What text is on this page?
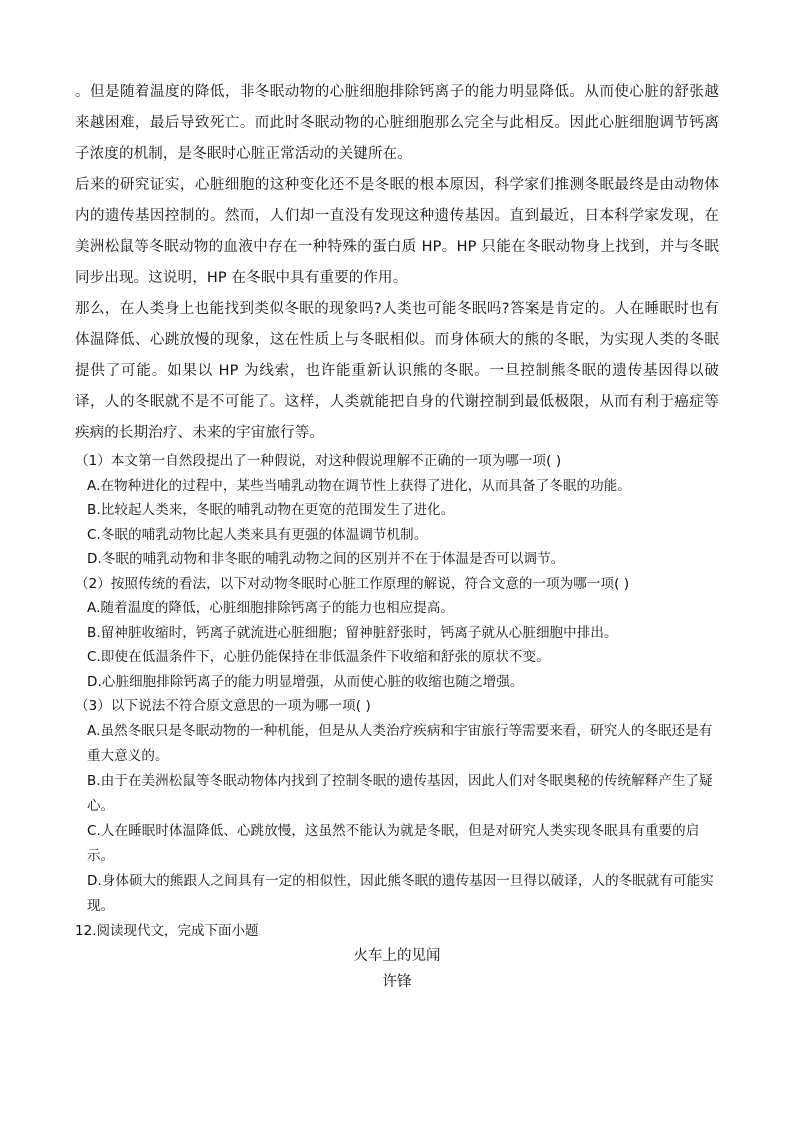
。但是随着温度的降低，非冬眠动物的心脏细胞排除钙离子的能力明显降低。从而使心脏的舒张越来越困难，最后导致死亡。而此时冬眠动物的心脏细胞那么完全与此相反。因此心脏细胞调节钙离子浓度的机制，是冬眠时心脏正常活动的关键所在。

后来的研究证实，心脏细胞的这种变化还不是冬眠的根本原因，科学家们推测冬眠最终是由动物体内的遗传基因控制的。然而，人们却一直没有发现这种遗传基因。直到最近，日本科学家发现，在美洲松鼠等冬眠动物的血液中存在一种特殊的蛋白质 HP。HP 只能在冬眠动物身上找到，并与冬眠同步出现。这说明，HP 在冬眠中具有重要的作用。

那么，在人类身上也能找到类似冬眠的现象吗?人类也可能冬眠吗?答案是肯定的。人在睡眠时也有体温降低、心跳放慢的现象，这在性质上与冬眠相似。而身体硕大的熊的冬眠，为实现人类的冬眠提供了可能。如果以 HP 为线索，也许能重新认识熊的冬眠。一旦控制熊冬眠的遗传基因得以破译，人的冬眠就不是不可能了。这样，人类就能把自身的代谢控制到最低极限，从而有利于癌症等疾病的长期治疗、未来的宇宙旅行等。

（1）本文第一自然段提出了一种假说，对这种假说理解不正确的一项为哪一项( )

A.在物种进化的过程中，某些当哺乳动物在调节性上获得了进化，从而具备了冬眠的功能。

B.比较起人类来，冬眠的哺乳动物在更宽的范围发生了进化。

C.冬眠的哺乳动物比起人类来具有更强的体温调节机制。

D.冬眠的哺乳动物和非冬眠的哺乳动物之间的区别并不在于体温是否可以调节。

（2）按照传统的看法，以下对动物冬眠时心脏工作原理的解说，符合文意的一项为哪一项( )

A.随着温度的降低，心脏细胞排除钙离子的能力也相应提高。

B.留神脏收缩时，钙离子就流进心脏细胞；留神脏舒张时，钙离子就从心脏细胞中排出。

C.即使在低温条件下，心脏仍能保持在非低温条件下收缩和舒张的原状不变。

D.心脏细胞排除钙离子的能力明显增强，从而使心脏的收缩也随之增强。

（3）以下说法不符合原文意思的一项为哪一项( )

A.虽然冬眠只是冬眠动物的一种机能，但是从人类治疗疾病和宇宙旅行等需要来看，研究人的冬眠还是有重大意义的。

B.由于在美洲松鼠等冬眠动物体内找到了控制冬眠的遗传基因，因此人们对冬眠奥秘的传统解释产生了疑心。

C.人在睡眠时体温降低、心跳放慢，这虽然不能认为就是冬眠，但是对研究人类实现冬眠具有重要的启示。

D.身体硕大的熊跟人之间具有一定的相似性，因此熊冬眠的遗传基因一旦得以破译，人的冬眠就有可能实现。

12.阅读现代文，完成下面小题

火车上的见闻

许锋
